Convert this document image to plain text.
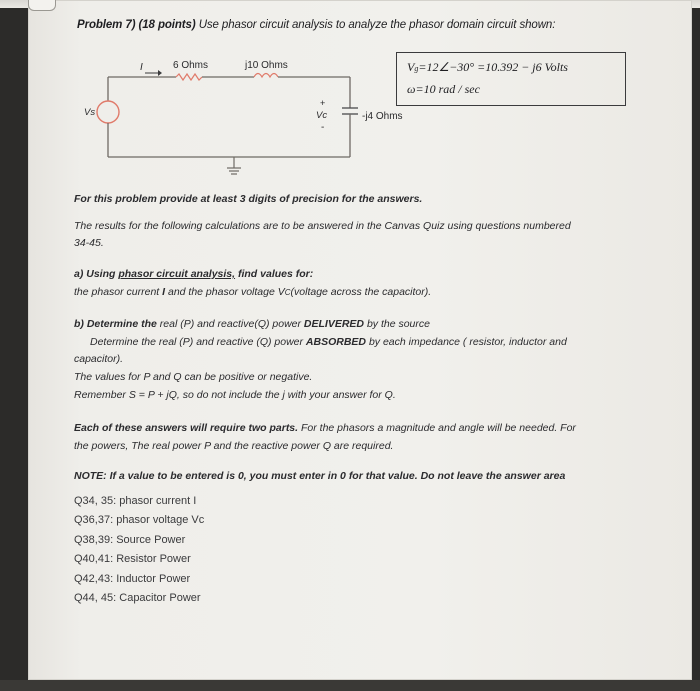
Problem 7) (18 points) Use phasor circuit analysis to analyze the phasor domain circuit shown:
I	6 Ohms	j10 Ohms
Vs
+
-
Vc	-j4 Ohms
Vg=12∠−30° =10.392 − j6 Volts
ω=10 rad / sec
For this problem provide at least 3 digits of precision for the answers.
The results for the following calculations are to be answered in the Canvas Quiz using questions numbered
34-45.
a) Using phasor circuit analysis, find values for:
the phasor current I and the phasor voltage VC(voltage across the capacitor).
b) Determine the real (P) and reactive(Q) power DELIVERED by the source
Determine the real (P) and reactive (Q) power ABSORBED by each impedance ( resistor, inductor and
capacitor).
The values for P and Q can be positive or negative.
Remember S = P + jQ, so do not include the j with your answer for Q.
Each of these answers will require two parts. For the phasors a magnitude and angle will be needed. For
the powers, The real power P and the reactive power Q are required.
NOTE: If a value to be entered is 0, you must enter in 0 for that value. Do not leave the answer area
Q34, 35: phasor current I
Q36,37: phasor voltage Vc
Q38,39: Source Power
Q40,41: Resistor Power
Q42,43: Inductor Power
Q44, 45: Capacitor Power
